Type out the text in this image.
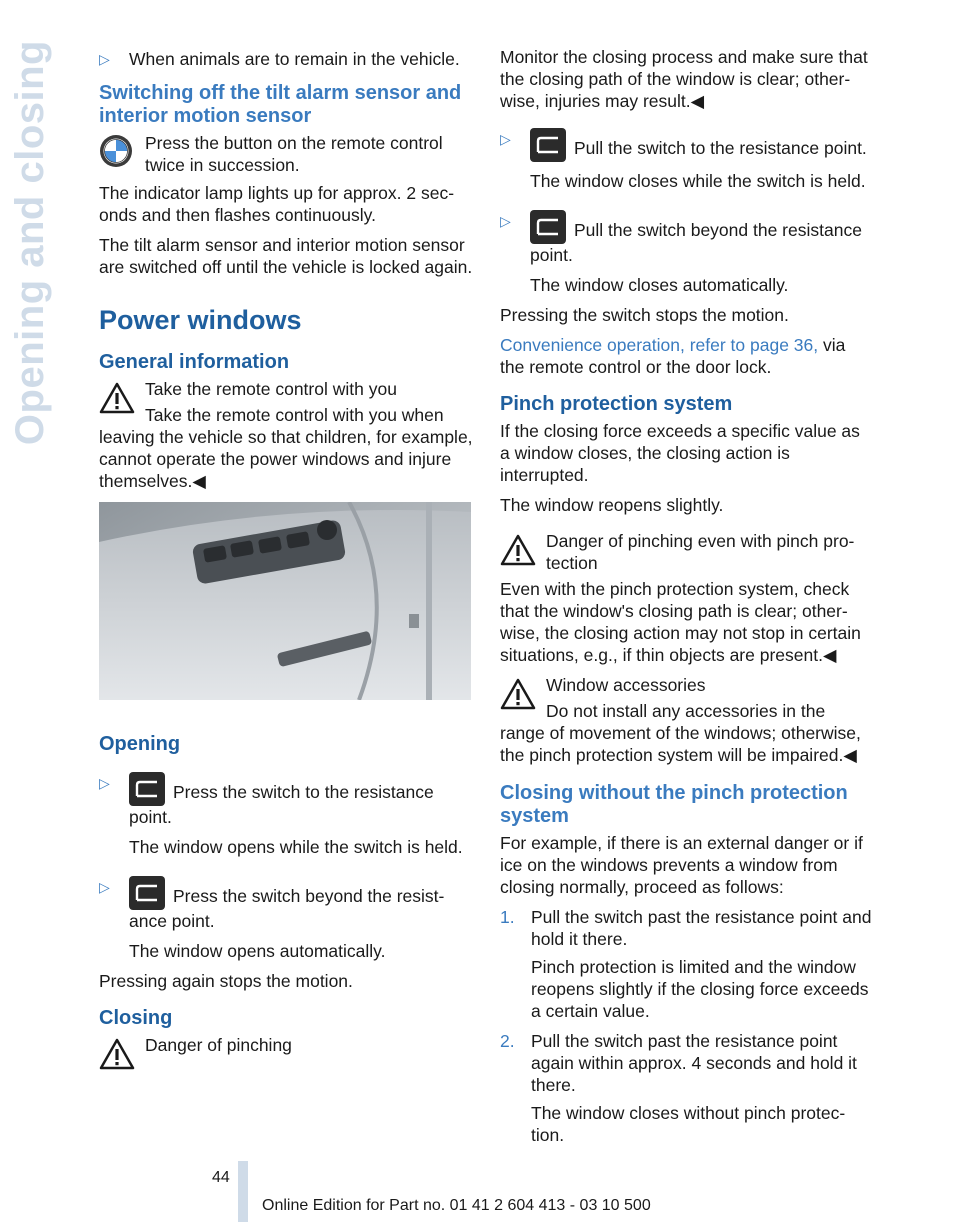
Opening and closing	▷ When animals are to remain in the vehicle.
Switching off the tilt alarm sensor and interior motion sensor
Press the button on the remote control twice in succession.

The indicator lamp lights up for approx. 2 sec-onds and then flashes continuously.

The tilt alarm sensor and interior motion sensor are switched off until the vehicle is locked again.

Power windows
General information

Take the remote control with you

Take the remote control with you when leaving the vehicle so that children, for example, cannot operate the power windows and injure themselves.◀

Opening
▷	Press the switch to the resistance point.

The window opens while the switch is held.

▷	Press the switch beyond the resist-ance point.

The window opens automatically.

Pressing again stops the motion.

Closing

Danger of pinching

Monitor the closing process and make sure that the closing path of the window is clear; other-wise, injuries may result.◀

▷	Pull the switch to the resistance point.

The window closes while the switch is held.

▷	Pull the switch beyond the resistance point.

The window closes automatically.

Pressing the switch stops the motion.

Convenience operation, refer to page 36, via the remote control or the door lock.

Pinch protection system

If the closing force exceeds a specific value as a window closes, the closing action is interrupted.

The window reopens slightly.

Danger of pinching even with pinch pro-tection

Even with the pinch protection system, check that the window's closing path is clear; other-wise, the closing action may not stop in certain situations, e.g., if thin objects are present.◀

Window accessories

Do not install any accessories in the range of movement of the windows; otherwise, the pinch protection system will be impaired.◀

Closing without the pinch protection system

For example, if there is an external danger or if ice on the windows prevents a window from closing normally, proceed as follows:

1. Pull the switch past the resistance point and hold it there.

Pinch protection is limited and the window reopens slightly if the closing force exceeds a certain value.

2. Pull the switch past the resistance point again within approx. 4 seconds and hold it there.

The window closes without pinch protec-tion.

44
Online Edition for Part no. 01 41 2 604 413 - 03 10 500
